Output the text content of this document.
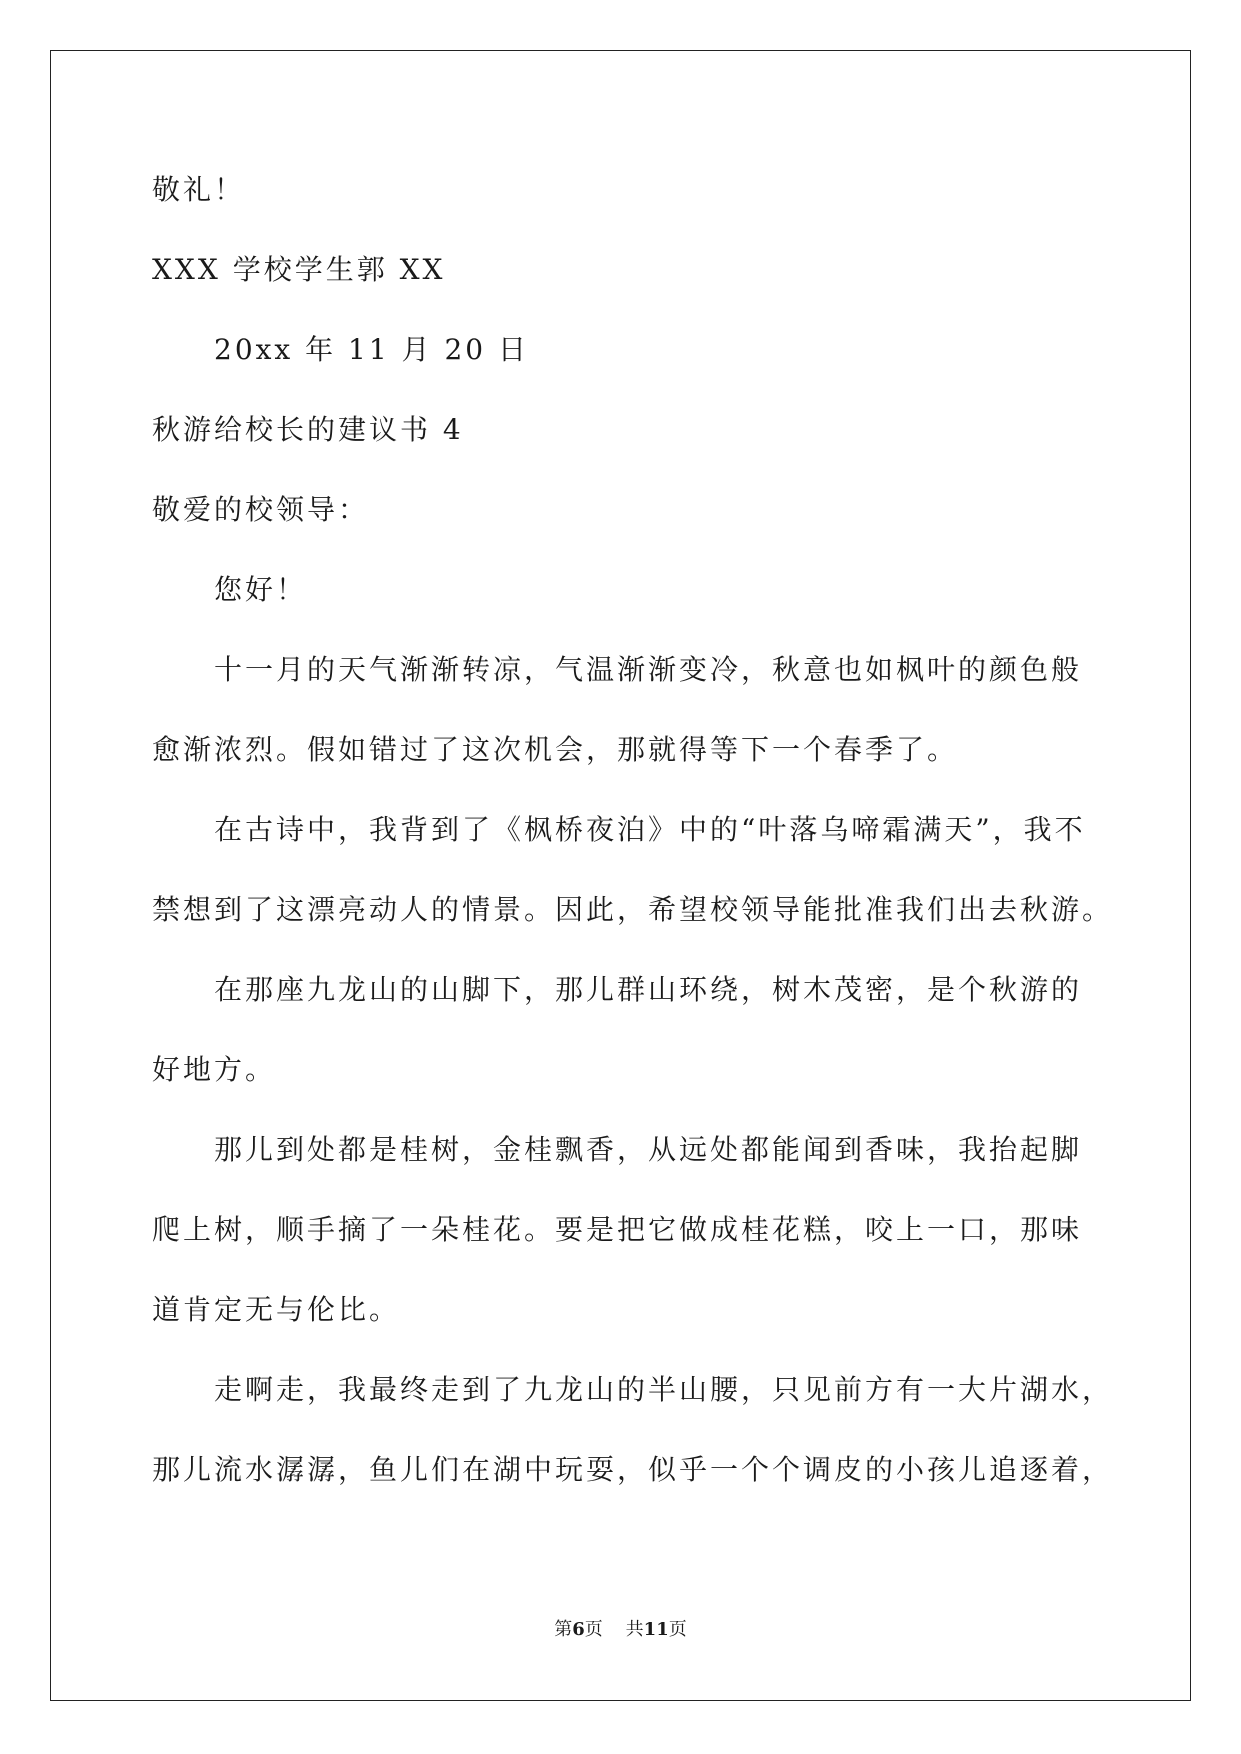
敬礼！

XXX 学校学生郭 XX

20xx 年 11 月 20 日

秋游给校长的建议书 4

敬爱的校领导：

您好！

十一月的天气渐渐转凉，气温渐渐变冷，秋意也如枫叶的颜色般

愈渐浓烈。假如错过了这次机会，那就得等下一个春季了。

在古诗中，我背到了《枫桥夜泊》中的“叶落乌啼霜满天”，我不

禁想到了这漂亮动人的情景。因此，希望校领导能批准我们出去秋游。

在那座九龙山的山脚下，那儿群山环绕，树木茂密，是个秋游的

好地方。

那儿到处都是桂树，金桂飘香，从远处都能闻到香味，我抬起脚

爬上树，顺手摘了一朵桂花。要是把它做成桂花糕，咬上一口，那味

道肯定无与伦比。

走啊走，我最终走到了九龙山的半山腰，只见前方有一大片湖水，

那儿流水潺潺，鱼儿们在湖中玩耍，似乎一个个调皮的小孩儿追逐着，

第6页 共11页
